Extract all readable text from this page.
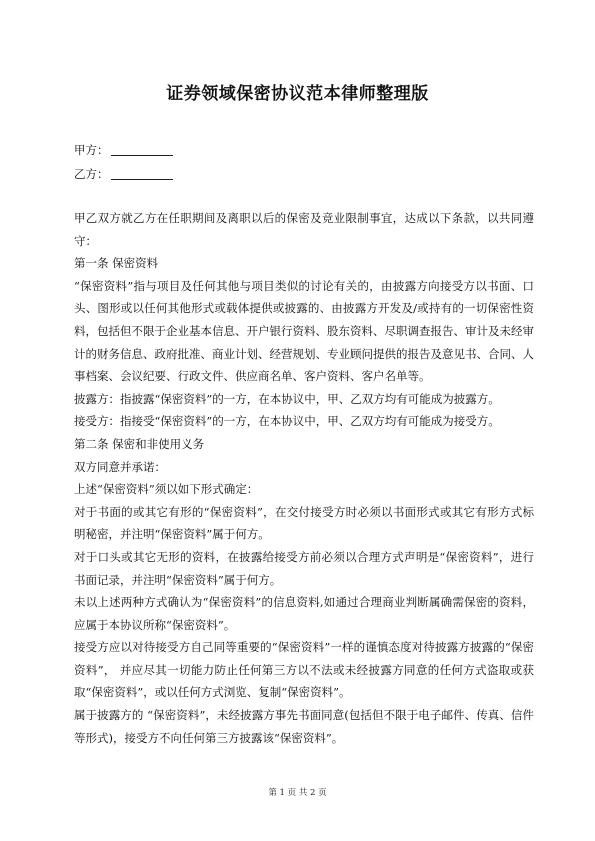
证券领域保密协议范本律师整理版
甲方：
乙方：

甲乙双方就乙方在任职期间及离职以后的保密及竞业限制事宜，达成以下条款，以共同遵守：

第一条 保密资料

“保密资料”指与项目及任何其他与项目类似的讨论有关的，由披露方向接受方以书面、口头、图形或以任何其他形式或载体提供或披露的、由披露方开发及/或持有的一切保密性资料，包括但不限于企业基本信息、开户银行资料、股东资料、尽职调查报告、审计及未经审计的财务信息、政府批准、商业计划、经营规划、专业顾问提供的报告及意见书、合同、人事档案、会议纪要、行政文件、供应商名单、客户资料、客户名单等。

披露方：指披露“保密资料”的一方，在本协议中，甲、乙双方均有可能成为披露方。

接受方：指接受“保密资料”的一方，在本协议中，甲、乙双方均有可能成为接受方。

第二条 保密和非使用义务

双方同意并承诺：

上述“保密资料”须以如下形式确定：

对于书面的或其它有形的“保密资料”，在交付接受方时必须以书面形式或其它有形方式标明秘密，并注明“保密资料”属于何方。

对于口头或其它无形的资料，在披露给接受方前必须以合理方式声明是“保密资料”，进行书面记录，并注明“保密资料”属于何方。

未以上述两种方式确认为“保密资料”的信息资料,如通过合理商业判断属确需保密的资料，应属于本协议所称“保密资料”。

接受方应以对待接受方自己同等重要的“保密资料”一样的谨慎态度对待披露方披露的“保密资料”， 并应尽其一切能力防止任何第三方以不法或未经披露方同意的任何方式盗取或获取“保密资料”，或以任何方式浏览、复制“保密资料”。

属于披露方的 “保密资料”，未经披露方事先书面同意(包括但不限于电子邮件、传真、信件等形式)，接受方不向任何第三方披露该“保密资料”。

第 1 页 共 2 页
